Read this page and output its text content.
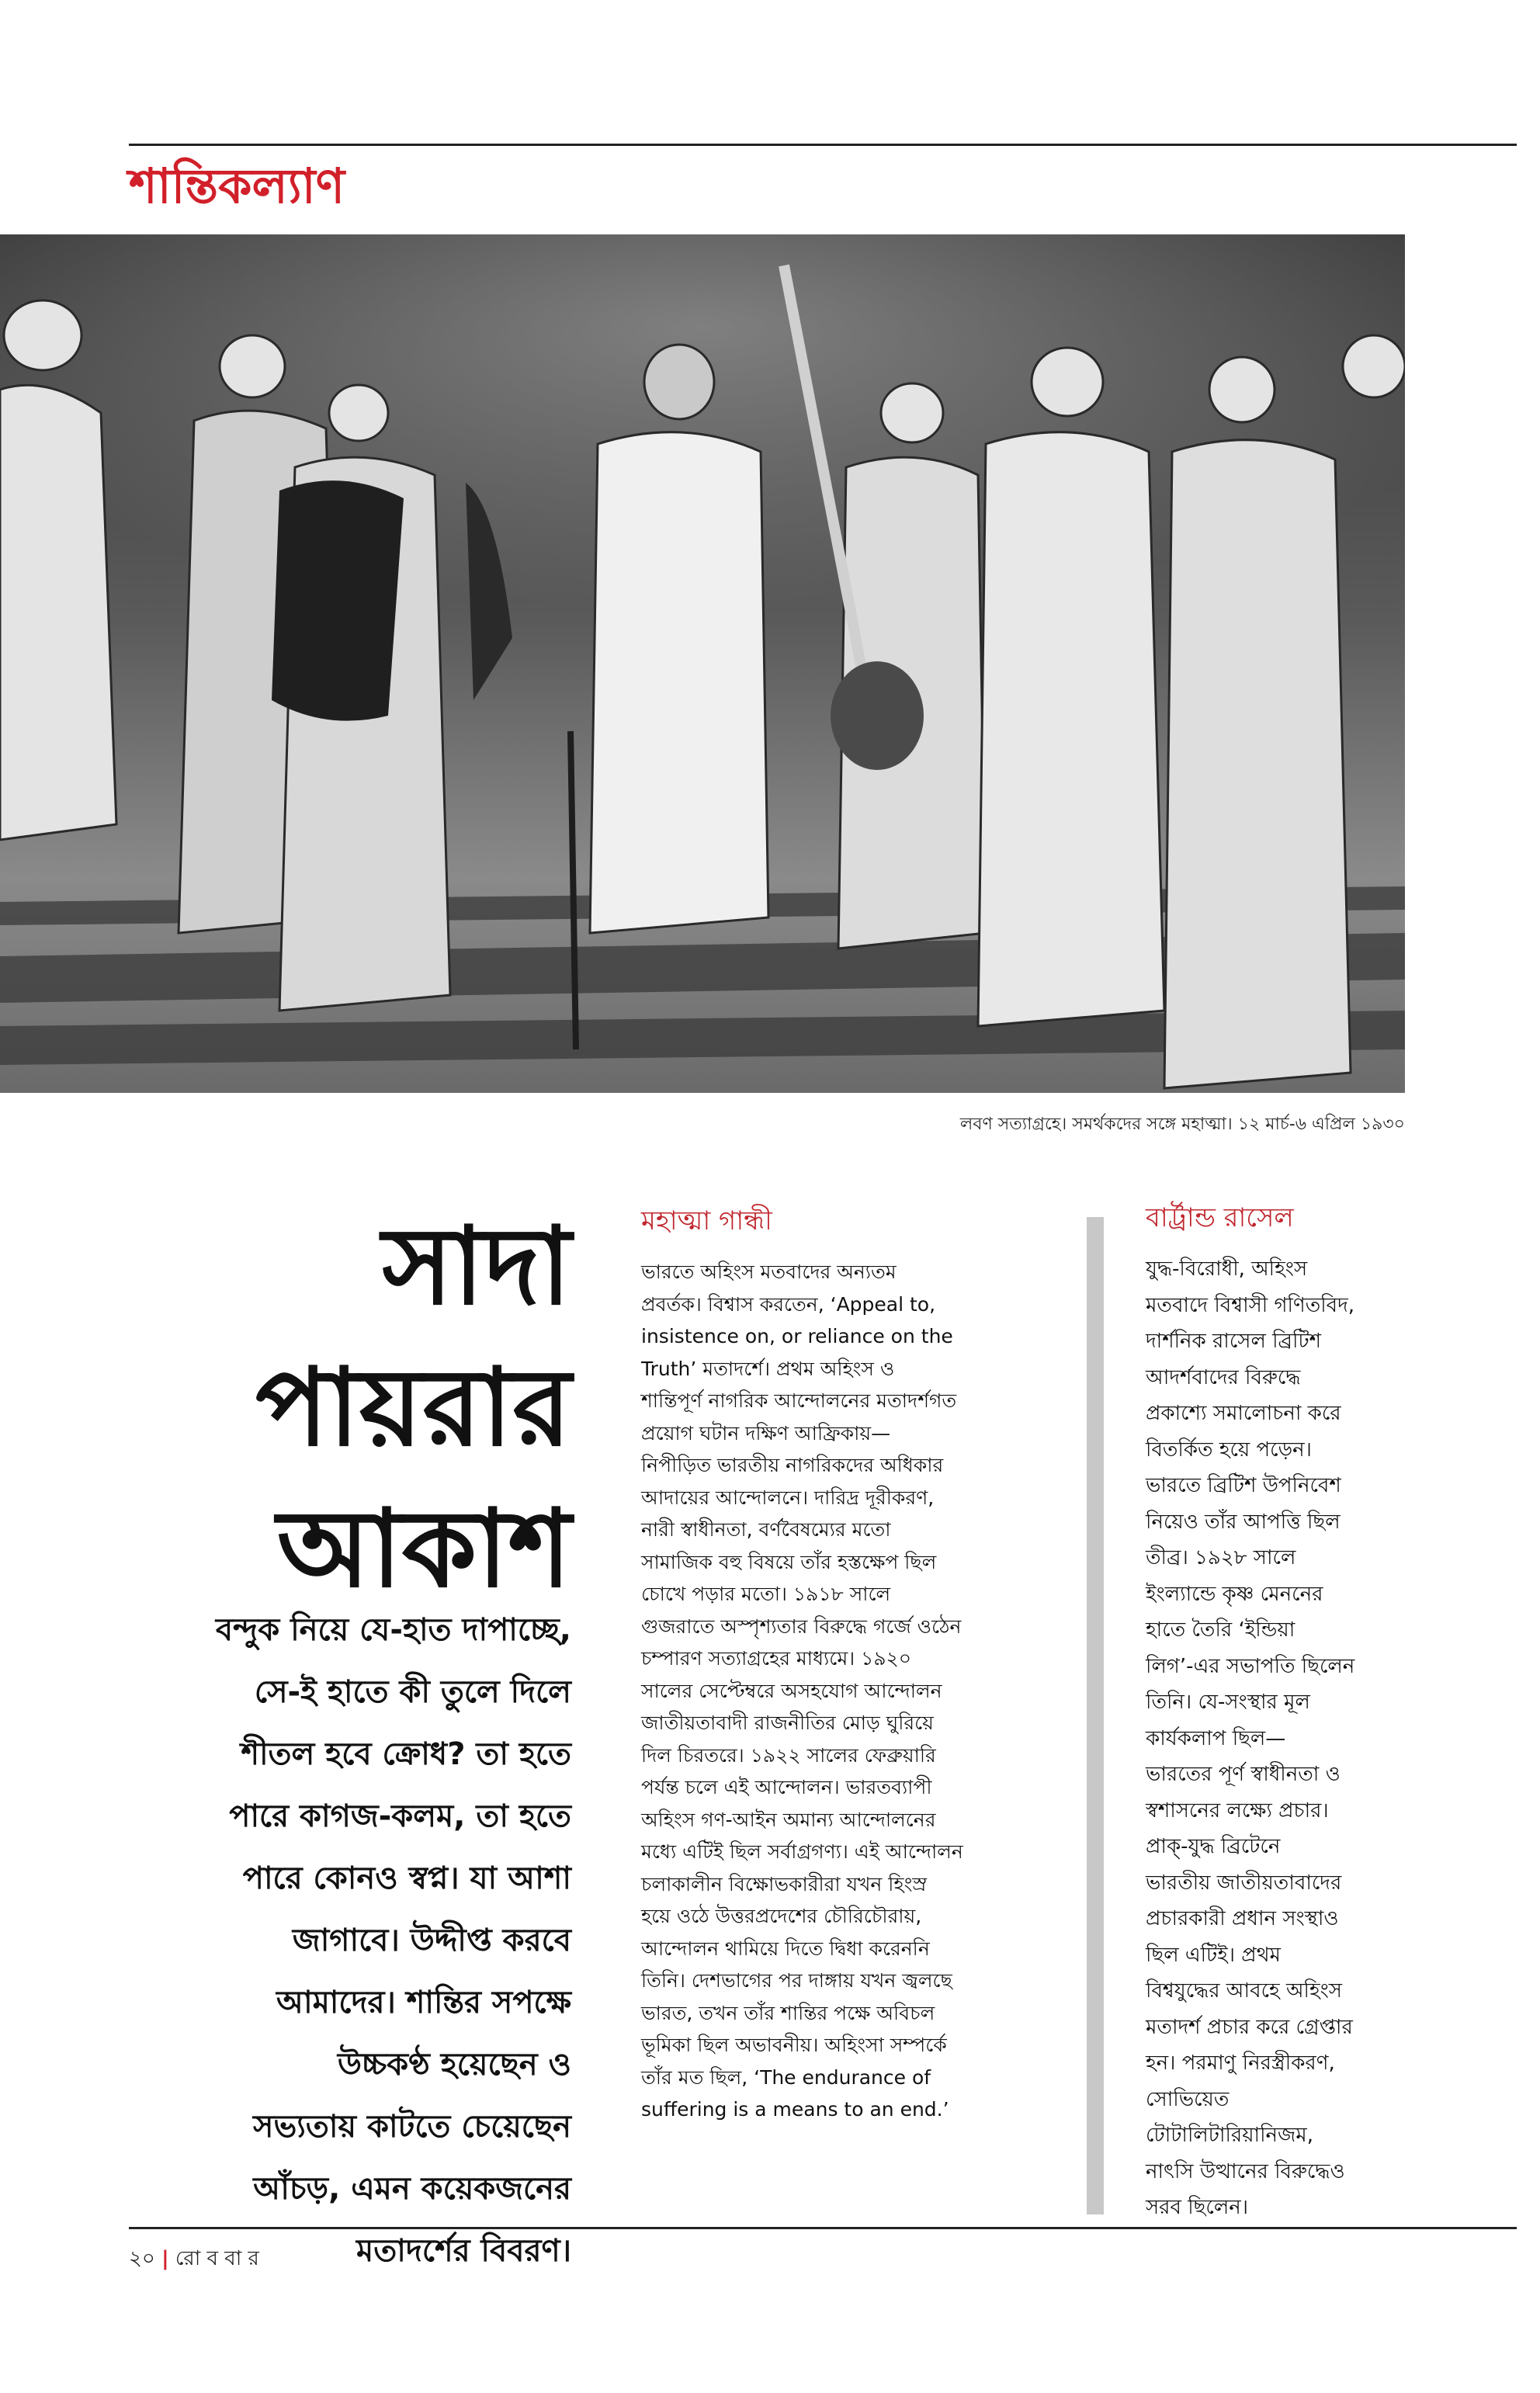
শান্তিকল্যাণ

লবণ সত্যাগ্রহে। সমর্থকদের সঙ্গে মহাত্মা। ১২ মার্চ-৬ এপ্রিল ১৯৩০

সাদা
পায়রার
আকাশ

বন্দুক নিয়ে যে-হাত দাপাচ্ছে,
সে-ই হাতে কী তুলে দিলে
শীতল হবে ক্রোধ? তা হতে
পারে কাগজ-কলম, তা হতে
পারে কোনও স্বপ্ন। যা আশা
জাগাবে। উদ্দীপ্ত করবে
আমাদের। শান্তির সপক্ষে
উচ্চকণ্ঠ হয়েছেন ও
সভ্যতায় কাটতে চেয়েছেন
আঁচড়, এমন কয়েকজনের
মতাদর্শের বিবরণ।

মহাত্মা গান্ধী

ভারতে অহিংস মতবাদের অন্যতম
প্রবর্তক। বিশ্বাস করতেন, ‘Appeal to,
insistence on, or reliance on the
Truth’ মতাদর্শে। প্রথম অহিংস ও
শান্তিপূর্ণ নাগরিক আন্দোলনের মতাদর্শগত
প্রয়োগ ঘটান দক্ষিণ আফ্রিকায়—
নিপীড়িত ভারতীয় নাগরিকদের অধিকার
আদায়ের আন্দোলনে। দারিদ্র দূরীকরণ,
নারী স্বাধীনতা, বর্ণবৈষম্যের মতো
সামাজিক বহু বিষয়ে তাঁর হস্তক্ষেপ ছিল
চোখে পড়ার মতো। ১৯১৮ সালে
গুজরাতে অস্পৃশ্যতার বিরুদ্ধে গর্জে ওঠেন
চম্পারণ সত্যাগ্রহের মাধ্যমে। ১৯২০
সালের সেপ্টেম্বরে অসহযোগ আন্দোলন
জাতীয়তাবাদী রাজনীতির মোড় ঘুরিয়ে
দিল চিরতরে। ১৯২২ সালের ফেব্রুয়ারি
পর্যন্ত চলে এই আন্দোলন। ভারতব্যাপী
অহিংস গণ-আইন অমান্য আন্দোলনের
মধ্যে এটিই ছিল সর্বাগ্রগণ্য। এই আন্দোলন
চলাকালীন বিক্ষোভকারীরা যখন হিংস্র
হয়ে ওঠে উত্তরপ্রদেশের চৌরিচৌরায়,
আন্দোলন থামিয়ে দিতে দ্বিধা করেননি
তিনি। দেশভাগের পর দাঙ্গায় যখন জ্বলছে
ভারত, তখন তাঁর শান্তির পক্ষে অবিচল
ভূমিকা ছিল অভাবনীয়। অহিংসা সম্পর্কে
তাঁর মত ছিল, ‘The endurance of
suffering is a means to an end.’

বার্ট্রান্ড রাসেল

যুদ্ধ-বিরোধী, অহিংস
মতবাদে বিশ্বাসী গণিতবিদ,
দার্শনিক রাসেল ব্রিটিশ
আদর্শবাদের বিরুদ্ধে
প্রকাশ্যে সমালোচনা করে
বিতর্কিত হয়ে পড়েন।
ভারতে ব্রিটিশ উপনিবেশ
নিয়েও তাঁর আপত্তি ছিল
তীব্র। ১৯২৮ সালে
ইংল্যান্ডে কৃষ্ণ মেননের
হাতে তৈরি ‘ইন্ডিয়া
লিগ’-এর সভাপতি ছিলেন
তিনি। যে-সংস্থার মূল
কার্যকলাপ ছিল—
ভারতের পূর্ণ স্বাধীনতা ও
স্বশাসনের লক্ষ্যে প্রচার।
প্রাক্-যুদ্ধ ব্রিটেনে
ভারতীয় জাতীয়তাবাদের
প্রচারকারী প্রধান সংস্থাও
ছিল এটিই। প্রথম
বিশ্বযুদ্ধের আবহে অহিংস
মতাদর্শ প্রচার করে গ্রেপ্তার
হন। পরমাণু নিরস্ত্রীকরণ,
সোভিয়েত
টোটালিটারিয়ানিজম,
নাৎসি উত্থানের বিরুদ্ধেও
সরব ছিলেন।

২০ | রো ব বা র
